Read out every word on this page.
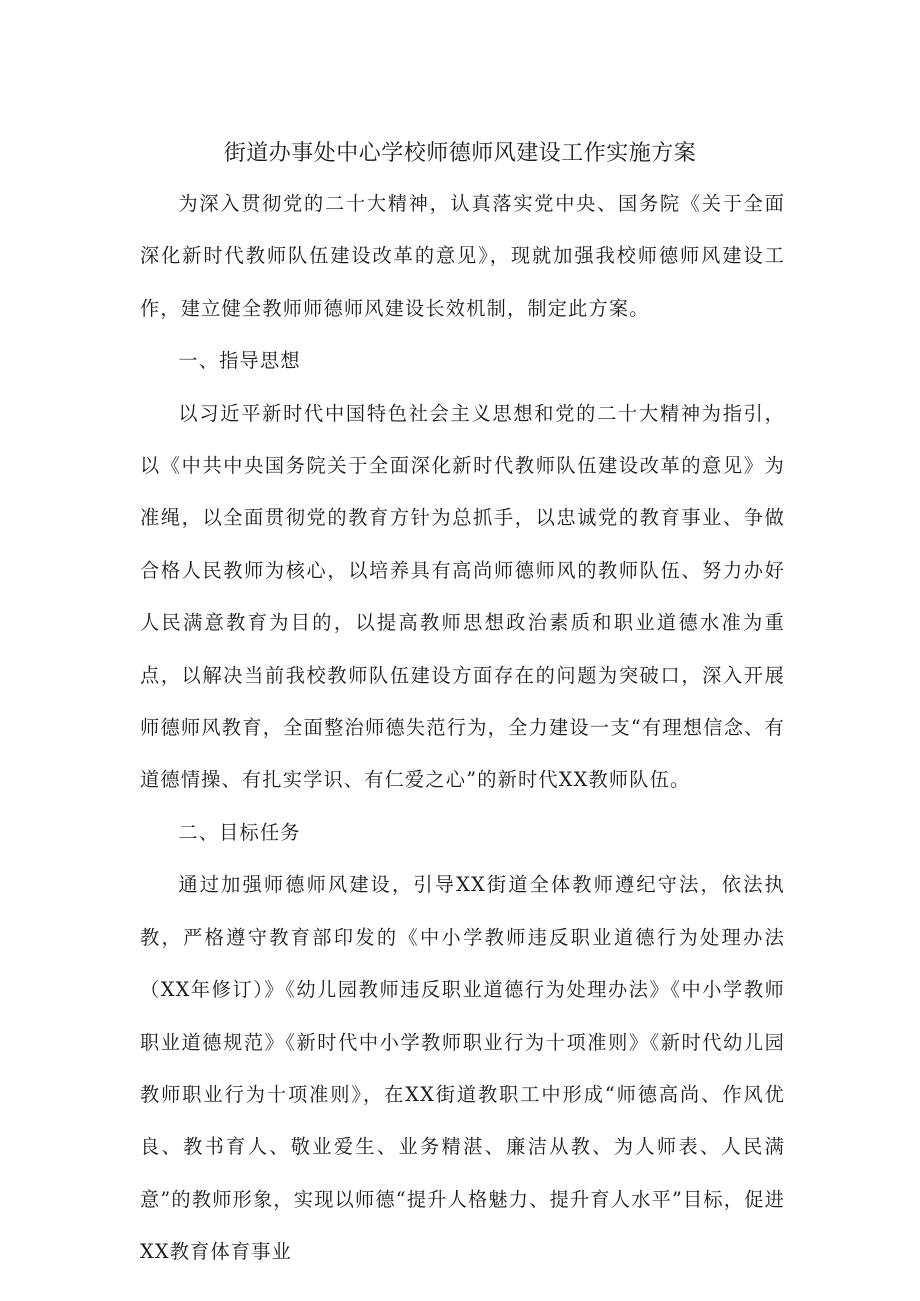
街道办事处中心学校师德师风建设工作实施方案

为深入贯彻党的二十大精神，认真落实党中央、国务院《关于全面深化新时代教师队伍建设改革的意见》，现就加强我校师德师风建设工作，建立健全教师师德师风建设长效机制，制定此方案。

一、指导思想

以习近平新时代中国特色社会主义思想和党的二十大精神为指引，以《中共中央国务院关于全面深化新时代教师队伍建设改革的意见》为准绳，以全面贯彻党的教育方针为总抓手，以忠诚党的教育事业、争做合格人民教师为核心，以培养具有高尚师德师风的教师队伍、努力办好人民满意教育为目的，以提高教师思想政治素质和职业道德水准为重点，以解决当前我校教师队伍建设方面存在的问题为突破口，深入开展师德师风教育，全面整治师德失范行为，全力建设一支“有理想信念、有道德情操、有扎实学识、有仁爱之心”的新时代XX教师队伍。

二、目标任务

通过加强师德师风建设，引导XX街道全体教师遵纪守法，依法执教，严格遵守教育部印发的《中小学教师违反职业道德行为处理办法（XX年修订）》《幼儿园教师违反职业道德行为处理办法》《中小学教师职业道德规范》《新时代中小学教师职业行为十项准则》《新时代幼儿园教师职业行为十项准则》，在XX街道教职工中形成“师德高尚、作风优良、教书育人、敬业爱生、业务精湛、廉洁从教、为人师表、人民满意”的教师形象，实现以师德“提升人格魅力、提升育人水平”目标，促进XX教育体育事业
